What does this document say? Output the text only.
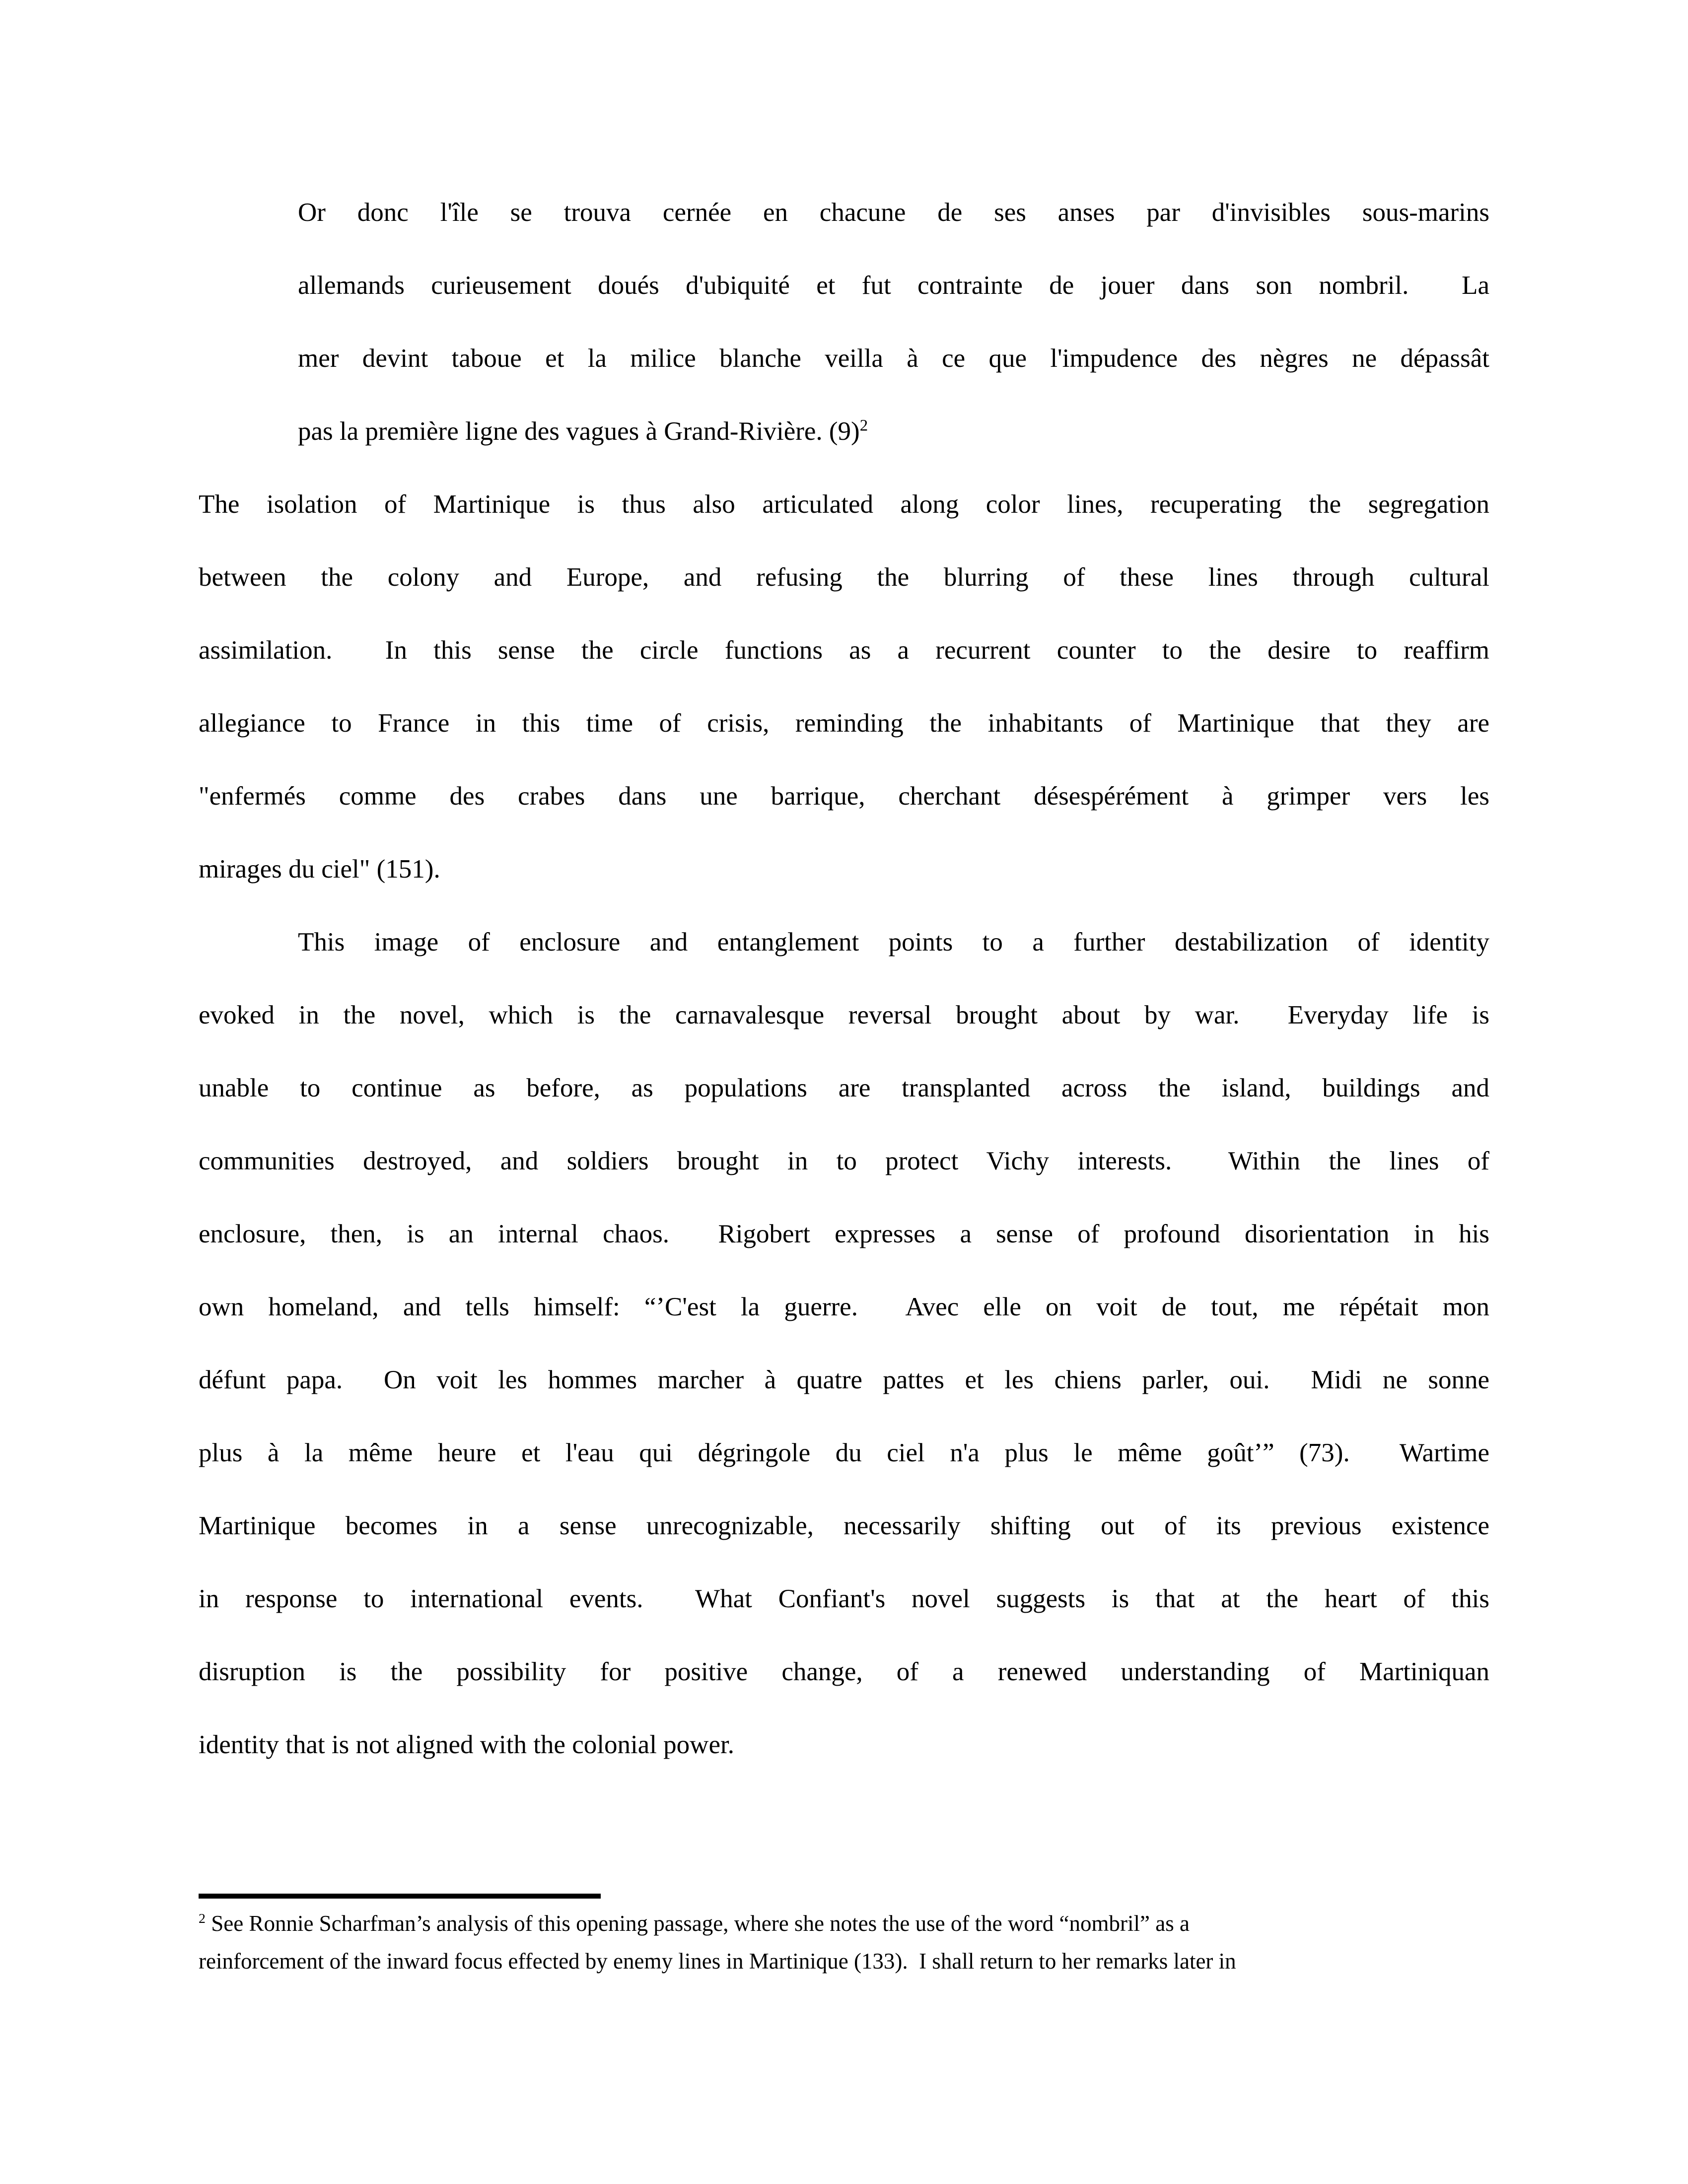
Or donc l'île se trouva cernée en chacune de ses anses par d'invisibles sous-marins
allemands curieusement doués d'ubiquité et fut contrainte de jouer dans son nombril.  La
mer devint taboue et la milice blanche veilla à ce que l'impudence des nègres ne dépassât
pas la première ligne des vagues à Grand-Rivière. (9)$^2$
The isolation of Martinique is thus also articulated along color lines, recuperating the segregation
between the colony and Europe, and refusing the blurring of these lines through cultural
assimilation.  In this sense the circle functions as a recurrent counter to the desire to reaffirm
allegiance to France in this time of crisis, reminding the inhabitants of Martinique that they are
"enfermés comme des crabes dans une barrique, cherchant désespérément à grimper vers les
mirages du ciel" (151).
This image of enclosure and entanglement points to a further destabilization of identity
evoked in the novel, which is the carnavalesque reversal brought about by war.  Everyday life is
unable to continue as before, as populations are transplanted across the island, buildings and
communities destroyed, and soldiers brought in to protect Vichy interests.  Within the lines of
enclosure, then, is an internal chaos.  Rigobert expresses a sense of profound disorientation in his
own homeland, and tells himself: “’C'est la guerre.  Avec elle on voit de tout, me répétait mon
défunt papa.  On voit les hommes marcher à quatre pattes et les chiens parler, oui.  Midi ne sonne
plus à la même heure et l'eau qui dégringole du ciel n'a plus le même goût’” (73).  Wartime
Martinique becomes in a sense unrecognizable, necessarily shifting out of its previous existence
in response to international events.  What Confiant's novel suggests is that at the heart of this
disruption is the possibility for positive change, of a renewed understanding of Martiniquan
identity that is not aligned with the colonial power.
$^2$ See Ronnie Scharfman’s analysis of this opening passage, where she notes the use of the word “nombril” as a
reinforcement of the inward focus effected by enemy lines in Martinique (133).  I shall return to her remarks later in
